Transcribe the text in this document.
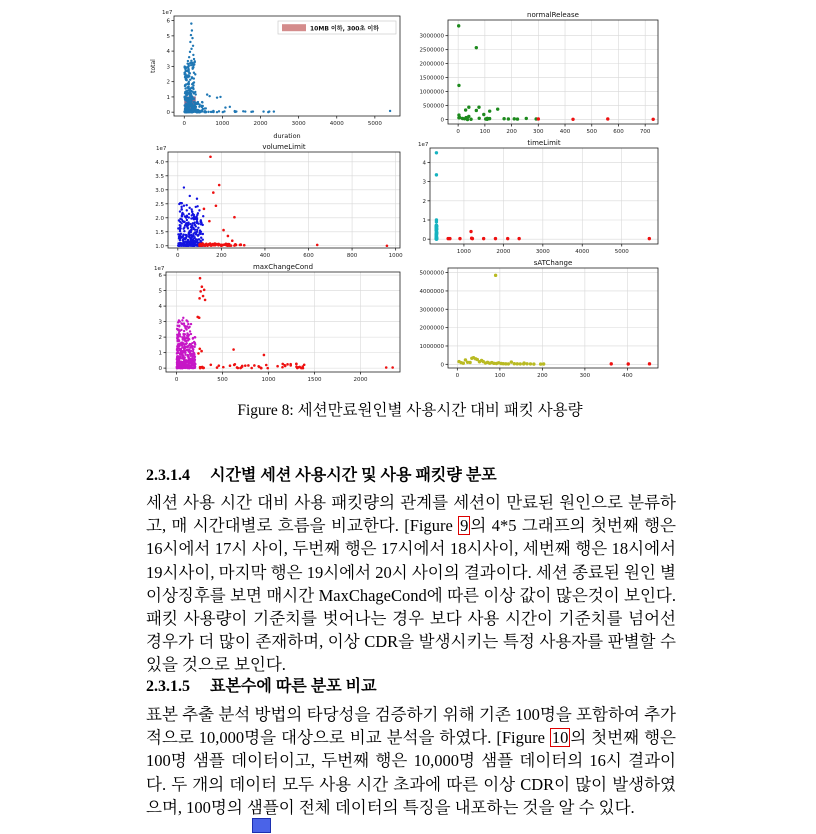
0	1000	2000	3000	4000	5000
0
1
2
3
4
5
6
1e7
duration
total
10MB 이하, 300초 이하
0	200	400	600	800	1000
1.0
1.5
2.0
2.5
3.0
3.5
4.0
1e7	volumeLimit
0	500	1000	1500	2000
0
1
2
3
4
5
6
1e7	maxChangeCond
0	100	200	300	400	500	600	700
0
500000
1000000
1500000
2000000
2500000
3000000
normalRelease
1000	2000	3000	4000	5000
0
1
2
3
4
1e7	timeLimit
0	100	200	300	400
0
1000000
2000000
3000000
4000000
5000000
sATChange
Figure 8: 세션만료원인별 사용시간 대비 패킷 사용량
2.3.1.4 시간별 세션 사용시간 및 사용 패킷량 분포
세션 사용 시간 대비 사용 패킷량의 관계를 세션이 만료된 원인으로 분류하고, 매 시간대별로 흐름을 비교한다. [Figure 9 의 4*5 그래프의 첫번째 행은 16시에서 17시 사이, 두번째 행은 17시에서 18시사이, 세번째 행은 18시에서 19시사이, 마지막 행은 19시에서 20시 사이의 결과이다. 세션 종료된 원인 별 이상징후를 보면 매시간 MaxChageCond에 따른 이상 값이 많은것이 보인다. 패킷 사용량이 기준치를 벗어나는 경우 보다 사용 시간이 기준치를 넘어선 경우가 더 많이 존재하며, 이상 CDR을 발생시키는 특정 사용자를 판별할 수 있을 것으로 보인다.
2.3.1.5 표본수에 따른 분포 비교
표본 추출 분석 방법의 타당성을 검증하기 위해 기존 100명을 포함하여 추가적으로 10,000명을 대상으로 비교 분석을 하였다. [Figure 10 의 첫번째 행은 100명 샘플 데이터이고, 두번째 행은 10,000명 샘플 데이터의 16시 결과이다. 두 개의 데이터 모두 사용 시간 초과에 따른 이상 CDR이 많이 발생하였으며, 100명의 샘플이 전체 데이터의 특징을 내포하는 것을 알 수 있다.
